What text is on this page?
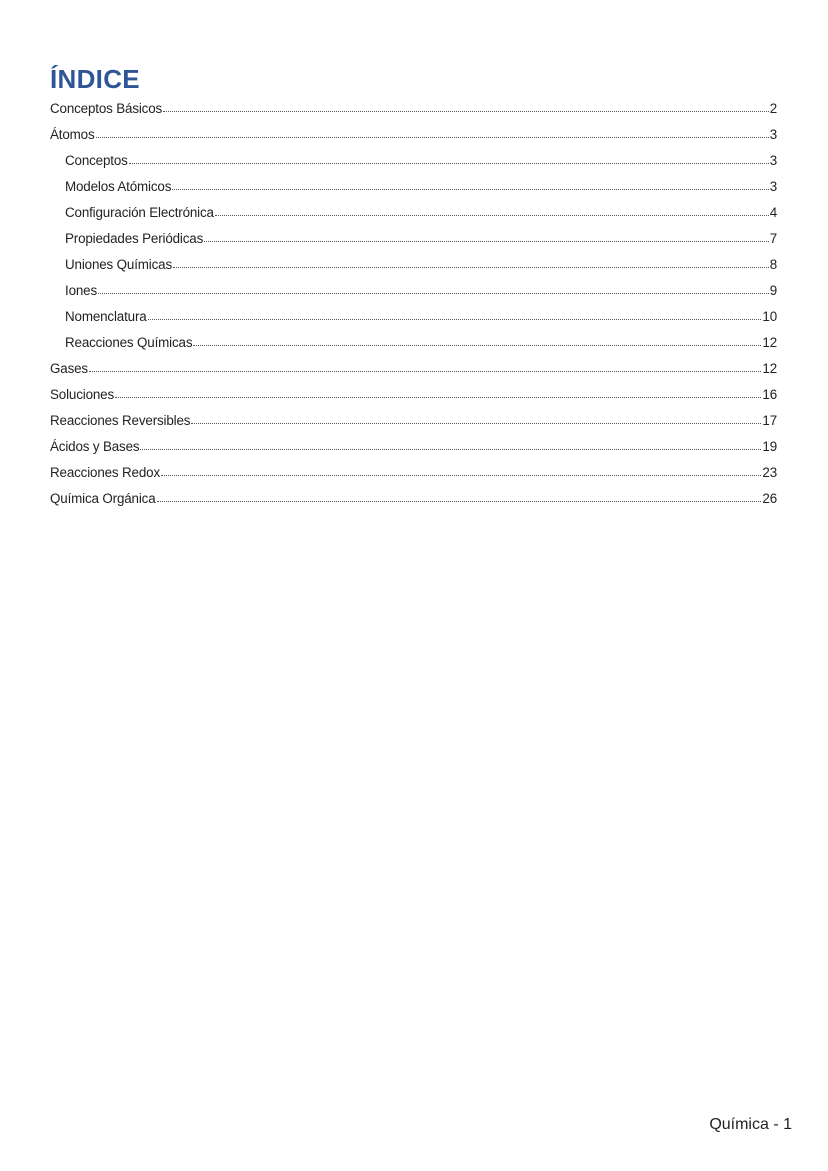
ÍNDICE
Conceptos Básicos	2
Átomos	3
Conceptos	3
Modelos Atómicos	3
Configuración Electrónica	4
Propiedades Periódicas	7
Uniones Químicas	8
Iones	9
Nomenclatura	10
Reacciones Químicas	12
Gases	12
Soluciones	16
Reacciones Reversibles	17
Ácidos y Bases	19
Reacciones Redox	23
Química Orgánica	26
Química - 1
